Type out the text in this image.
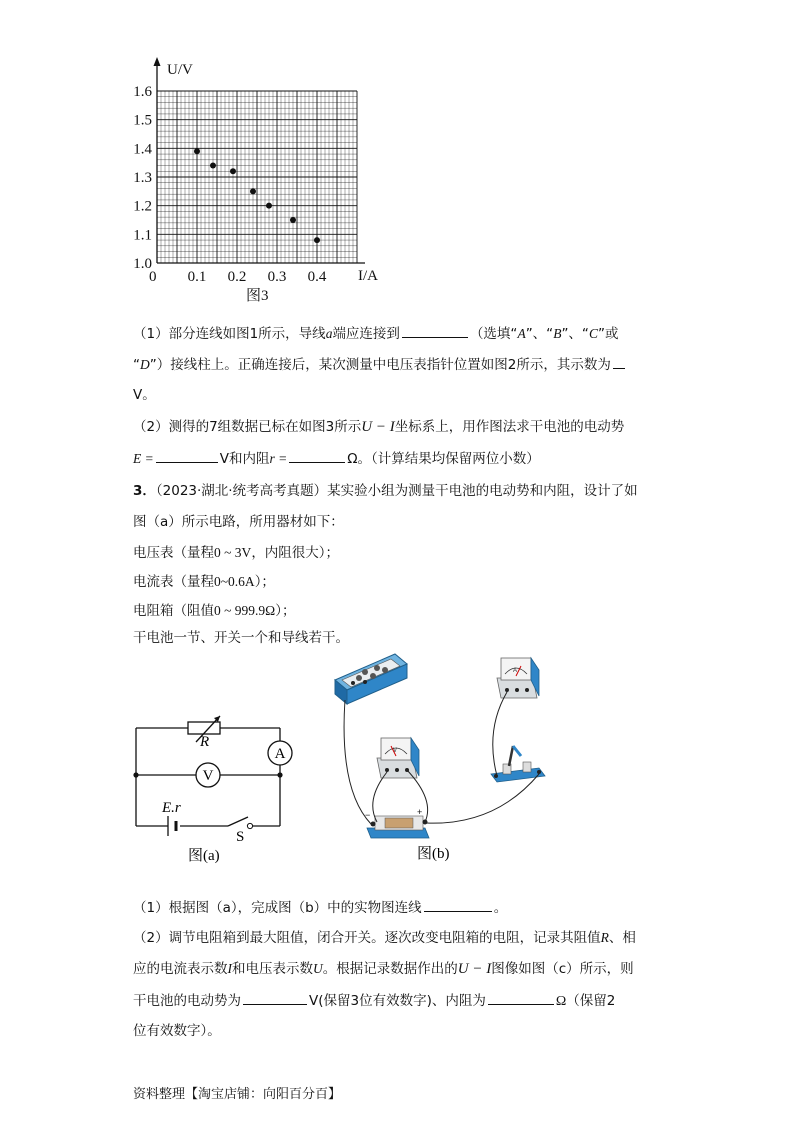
1.0
1.1
1.2
1.3
1.4
1.5
1.6
0.1 0.2 0.3 0.4
U/V
I/A
0
图3
（1）部分连线如图1所示，导线a端应连接到	（选填“A”、“B”、“C”或
“D”）接线柱上。正确连接后，某次测量中电压表指针位置如图2所示，其示数为
V。
（2）测得的7组数据已标在如图3所示U − I坐标系上，用作图法求干电池的电动势
E =	V和内阻r =	Ω。（计算结果均保留两位小数）
3．（2023·湖北·统考高考真题）某实验小组为测量干电池的电动势和内阻，设计了如
图（a）所示电路，所用器材如下：
电压表（量程0 ~ 3V，内阻很大）；
电流表（量程0~0.6A）；
电阻箱（阻值0 ~ 999.9Ω）；
干电池一节、开关一个和导线若干。
R
A
V
E.r
S
图(a)
A
V
+
−
图(b)
（1）根据图（a），完成图（b）中的实物图连线	。
（2）调节电阻箱到最大阻值，闭合开关。逐次改变电阻箱的电阻，记录其阻值R、相
应的电流表示数I和电压表示数U。根据记录数据作出的U − I图像如图（c）所示，则
干电池的电动势为	V(保留3位有效数字)、内阻为	Ω（保留2
位有效数字）。
资料整理【淘宝店铺：向阳百分百】
